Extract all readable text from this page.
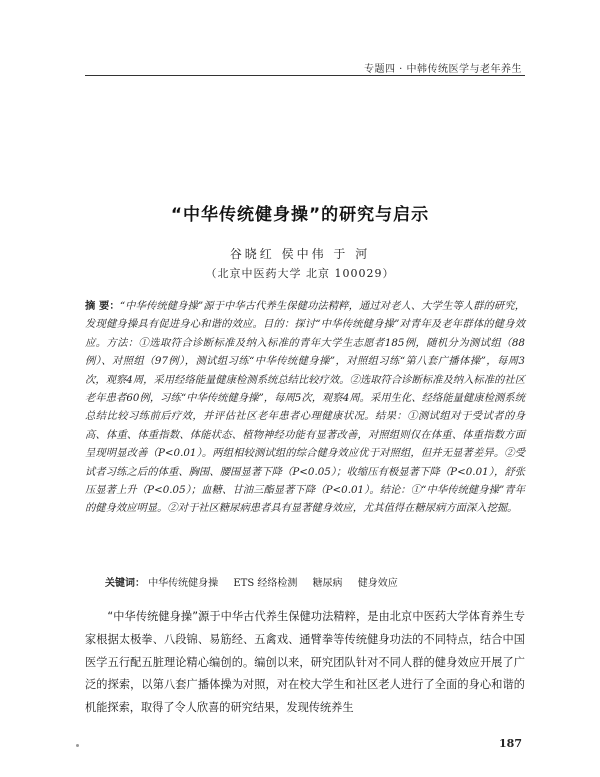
专题四 · 中韩传统医学与老年养生
“中华传统健身操”的研究与启示
谷晓红 侯中伟 于 河
（北京中医药大学 北京 100029）
摘 要：“中华传统健身操”源于中华古代养生保健功法精粹，通过对老人、大学生等人群的研究，发现健身操具有促进身心和谐的效应。目的：探讨“中华传统健身操”对青年及老年群体的健身效应。方法：①选取符合诊断标准及纳入标准的青年大学生志愿者185例，随机分为测试组（88例）、对照组（97例），测试组习练“中华传统健身操”，对照组习练“第八套广播体操”，每周3次，观察4周，采用经络能量健康检测系统总结比较疗效。②选取符合诊断标准及纳入标准的社区老年患者60例，习练“中华传统健身操”，每周5次，观察4周。采用生化、经络能量健康检测系统总结比较习练前后疗效，并评估社区老年患者心理健康状况。结果：①测试组对于受试者的身高、体重、体重指数、体能状态、植物神经功能有显著改善，对照组则仅在体重、体重指数方面呈现明显改善（P<0.01）。两组相较测试组的综合健身效应优于对照组，但并无显著差异。②受试者习练之后的体重、胸围、腰围显著下降（P<0.05）；收缩压有极显著下降（P<0.01），舒张压显著上升（P<0.05）；血糖、甘油三酯显著下降（P<0.01）。结论：①“中华传统健身操”青年的健身效应明显。②对于社区糖尿病患者具有显著健身效应，尤其值得在糖尿病方面深入挖掘。
关键词： 中华传统健身操 ETS 经络检测 糖尿病 健身效应

“中华传统健身操”源于中华古代养生保健功法精粹，是由北京中医药大学体育养生专家根据太极拳、八段锦、易筋经、五禽戏、通臂拳等传统健身功法的不同特点，结合中国医学五行配五脏理论精心编创的。编创以来，研究团队针对不同人群的健身效应开展了广泛的探索，以第八套广播体操为对照，对在校大学生和社区老人进行了全面的身心和谐的机能探索，取得了令人欣喜的研究结果，发现传统养生

187
